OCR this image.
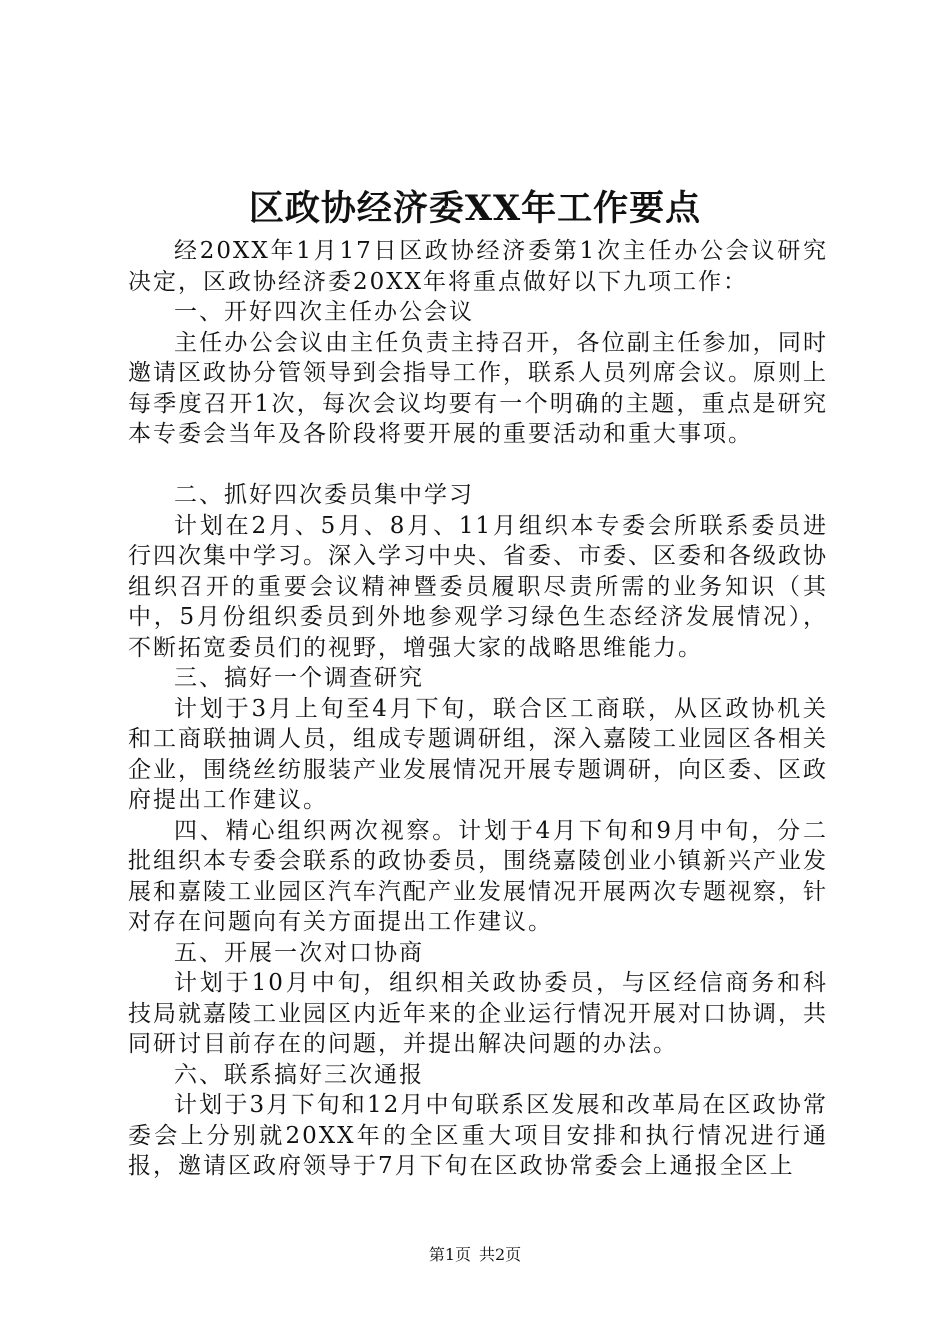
区政协经济委XX年工作要点

经20XX年1月17日区政协经济委第1次主任办公会议研究决定，区政协经济委20XX年将重点做好以下九项工作：

一、开好四次主任办公会议

主任办公会议由主任负责主持召开，各位副主任参加，同时邀请区政协分管领导到会指导工作，联系人员列席会议。原则上每季度召开1次，每次会议均要有一个明确的主题，重点是研究本专委会当年及各阶段将要开展的重要活动和重大事项。

二、抓好四次委员集中学习

计划在2月、5月、8月、11月组织本专委会所联系委员进行四次集中学习。深入学习中央、省委、市委、区委和各级政协组织召开的重要会议精神暨委员履职尽责所需的业务知识（其中，5月份组织委员到外地参观学习绿色生态经济发展情况），不断拓宽委员们的视野，增强大家的战略思维能力。

三、搞好一个调查研究

计划于3月上旬至4月下旬，联合区工商联，从区政协机关和工商联抽调人员，组成专题调研组，深入嘉陵工业园区各相关企业，围绕丝纺服装产业发展情况开展专题调研，向区委、区政府提出工作建议。

四、精心组织两次视察。计划于4月下旬和9月中旬，分二批组织本专委会联系的政协委员，围绕嘉陵创业小镇新兴产业发展和嘉陵工业园区汽车汽配产业发展情况开展两次专题视察，针对存在问题向有关方面提出工作建议。

五、开展一次对口协商

计划于10月中旬，组织相关政协委员，与区经信商务和科技局就嘉陵工业园区内近年来的企业运行情况开展对口协调，共同研讨目前存在的问题，并提出解决问题的办法。

六、联系搞好三次通报

计划于3月下旬和12月中旬联系区发展和改革局在区政协常委会上分别就20XX年的全区重大项目安排和执行情况进行通报，邀请区政府领导于7月下旬在区政协常委会上通报全区上

第1页 共2页
